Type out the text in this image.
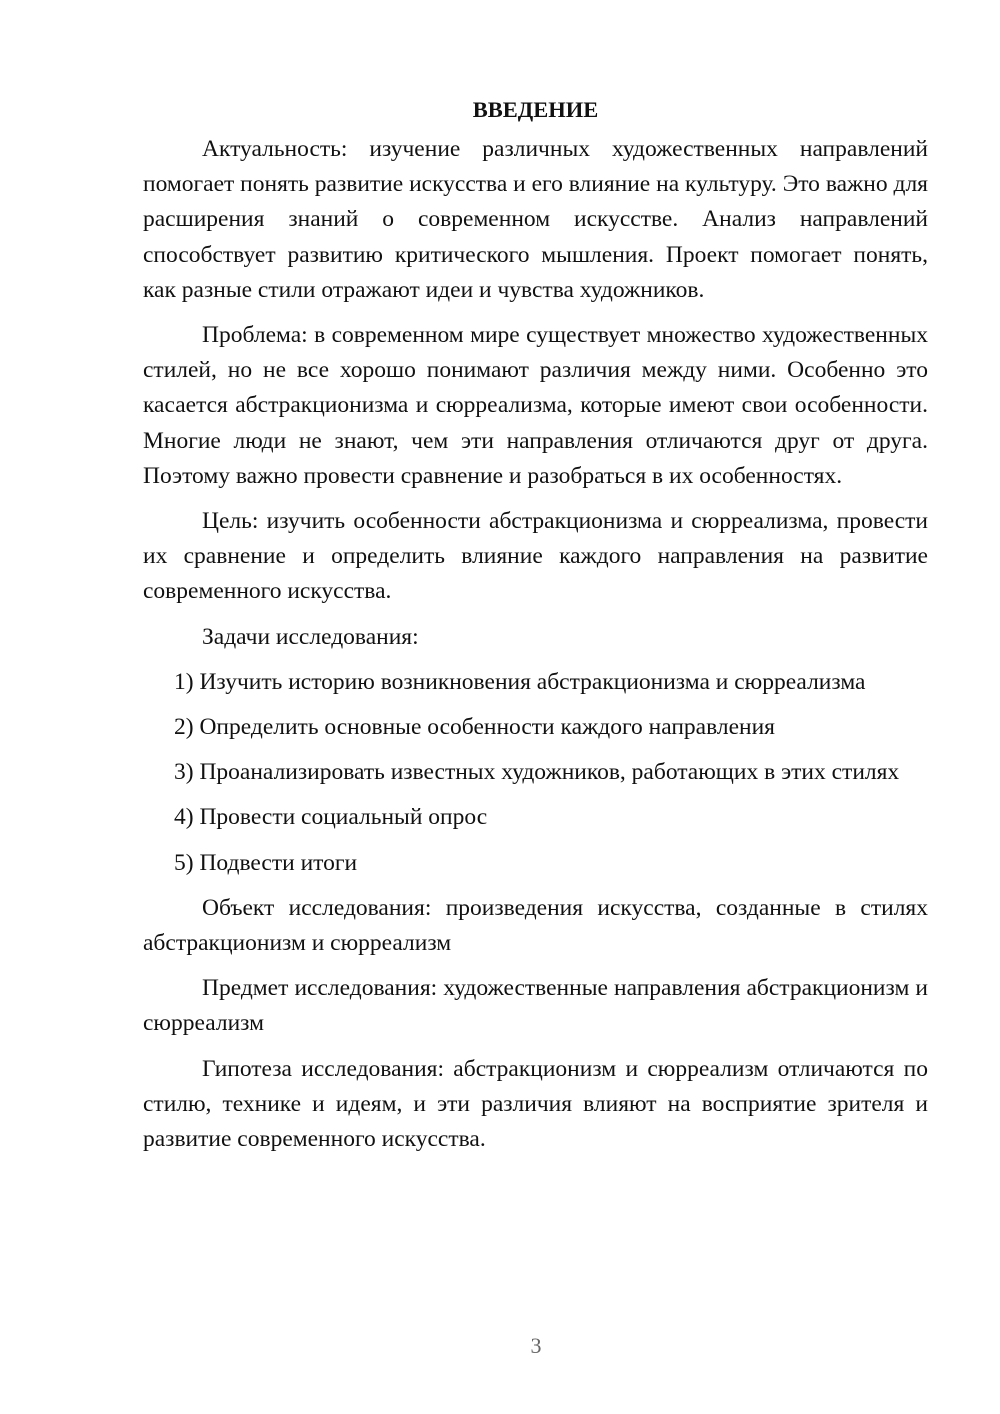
ВВЕДЕНИЕ

Актуальность: изучение различных художественных направлений помогает понять развитие искусства и его влияние на культуру. Это важно для расширения знаний о современном искусстве. Анализ направлений способствует развитию критического мышления. Проект помогает понять, как разные стили отражают идеи и чувства художников.

Проблема: в современном мире существует множество художественных стилей, но не все хорошо понимают различия между ними. Особенно это касается абстракционизма и сюрреализма, которые имеют свои особенности. Многие люди не знают, чем эти направления отличаются друг от друга. Поэтому важно провести сравнение и разобраться в их особенностях.

Цель: изучить особенности абстракционизма и сюрреализма, провести их сравнение и определить влияние каждого направления на развитие современного искусства.

Задачи исследования:

1) Изучить историю возникновения абстракционизма и сюрреализма

2) Определить основные особенности каждого направления

3) Проанализировать известных художников, работающих в этих стилях

4) Провести социальный опрос

5) Подвести итоги

Объект исследования: произведения искусства, созданные в стилях абстракционизм и сюрреализм

Предмет исследования: художественные направления абстракционизм и сюрреализм

Гипотеза исследования: абстракционизм и сюрреализм отличаются по стилю, технике и идеям, и эти различия влияют на восприятие зрителя и развитие современного искусства.

3
